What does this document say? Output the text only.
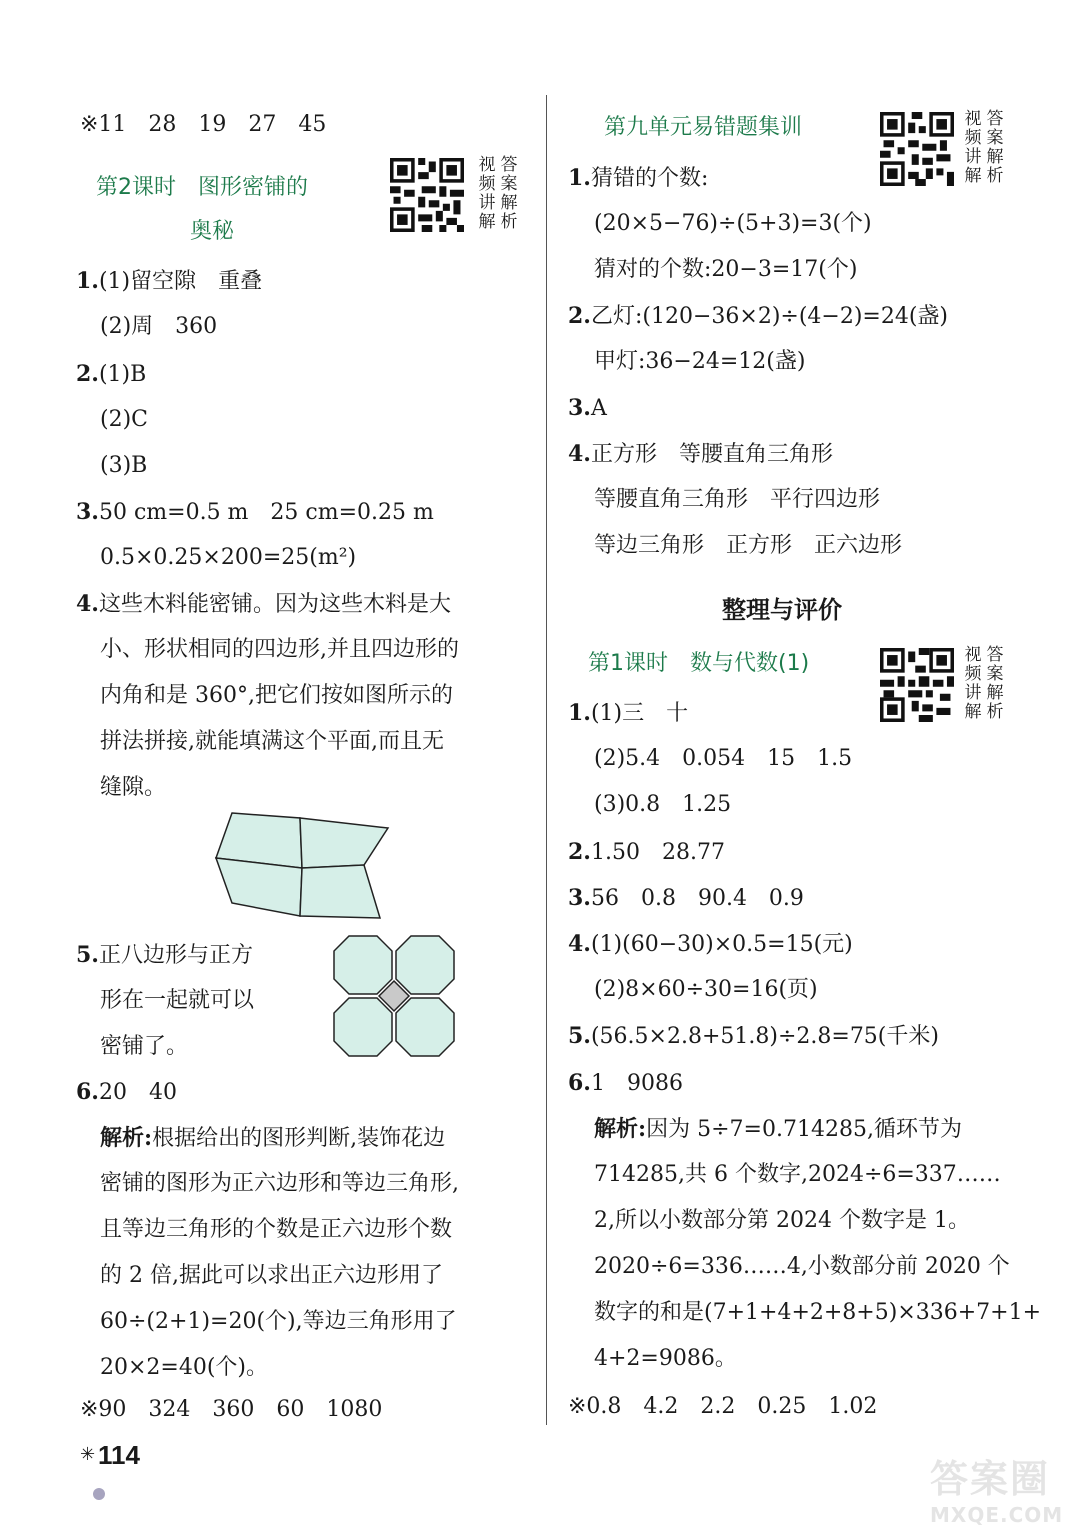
※11　28　19　27　45
第2课时　图形密铺的
奥秘
视 答
频 案
讲 解
解 析
1.(1)留空隙　重叠
(2)周　360
2.(1)B
(2)C
(3)B
3.50 cm=0.5 m　25 cm=0.25 m
0.5×0.25×200=25(m²)
4.这些木料能密铺。因为这些木料是大
小、形状相同的四边形,并且四边形的
内角和是 360°,把它们按如图所示的
拼法拼接,就能填满这个平面,而且无
缝隙。
5.正八边形与正方
形在一起就可以
密铺了。
6.20　40
解析:根据给出的图形判断,装饰花边
密铺的图形为正六边形和等边三角形,
且等边三角形的个数是正六边形个数
的 2 倍,据此可以求出正六边形用了
60÷(2+1)=20(个),等边三角形用了
20×2=40(个)。
※90　324　360　60　1080
第九单元易错题集训	视 答
频 案
讲 解
解 析
1.猜错的个数:
(20×5−76)÷(5+3)=3(个)
猜对的个数:20−3=17(个)
2.乙灯:(120−36×2)÷(4−2)=24(盏)
甲灯:36−24=12(盏)
3.A
4.正方形　等腰直角三角形
等腰直角三角形　平行四边形
等边三角形　正方形　正六边形
整理与评价
第1课时　数与代数(1)	视 答
频 案
讲 解
解 析
1.(1)三　十
(2)5.4　0.054　15　1.5
(3)0.8　1.25
2.1.50　28.77
3.56　0.8　90.4　0.9
4.(1)(60−30)×0.5=15(元)
(2)8×60÷30=16(页)
5.(56.5×2.8+51.8)÷2.8=75(千米)
6.1　9086
解析:因为 5÷7=0.714285,循环节为
714285,共 6 个数字,2024÷6=337……
2,所以小数部分第 2024 个数字是 1。
2020÷6=336……4,小数部分前 2020 个
数字的和是(7+1+4+2+8+5)×336+7+1+
4+2=9086。
※0.8　4.2　2.2　0.25　1.02
✳ 114
答案圈
MXQE.COM
